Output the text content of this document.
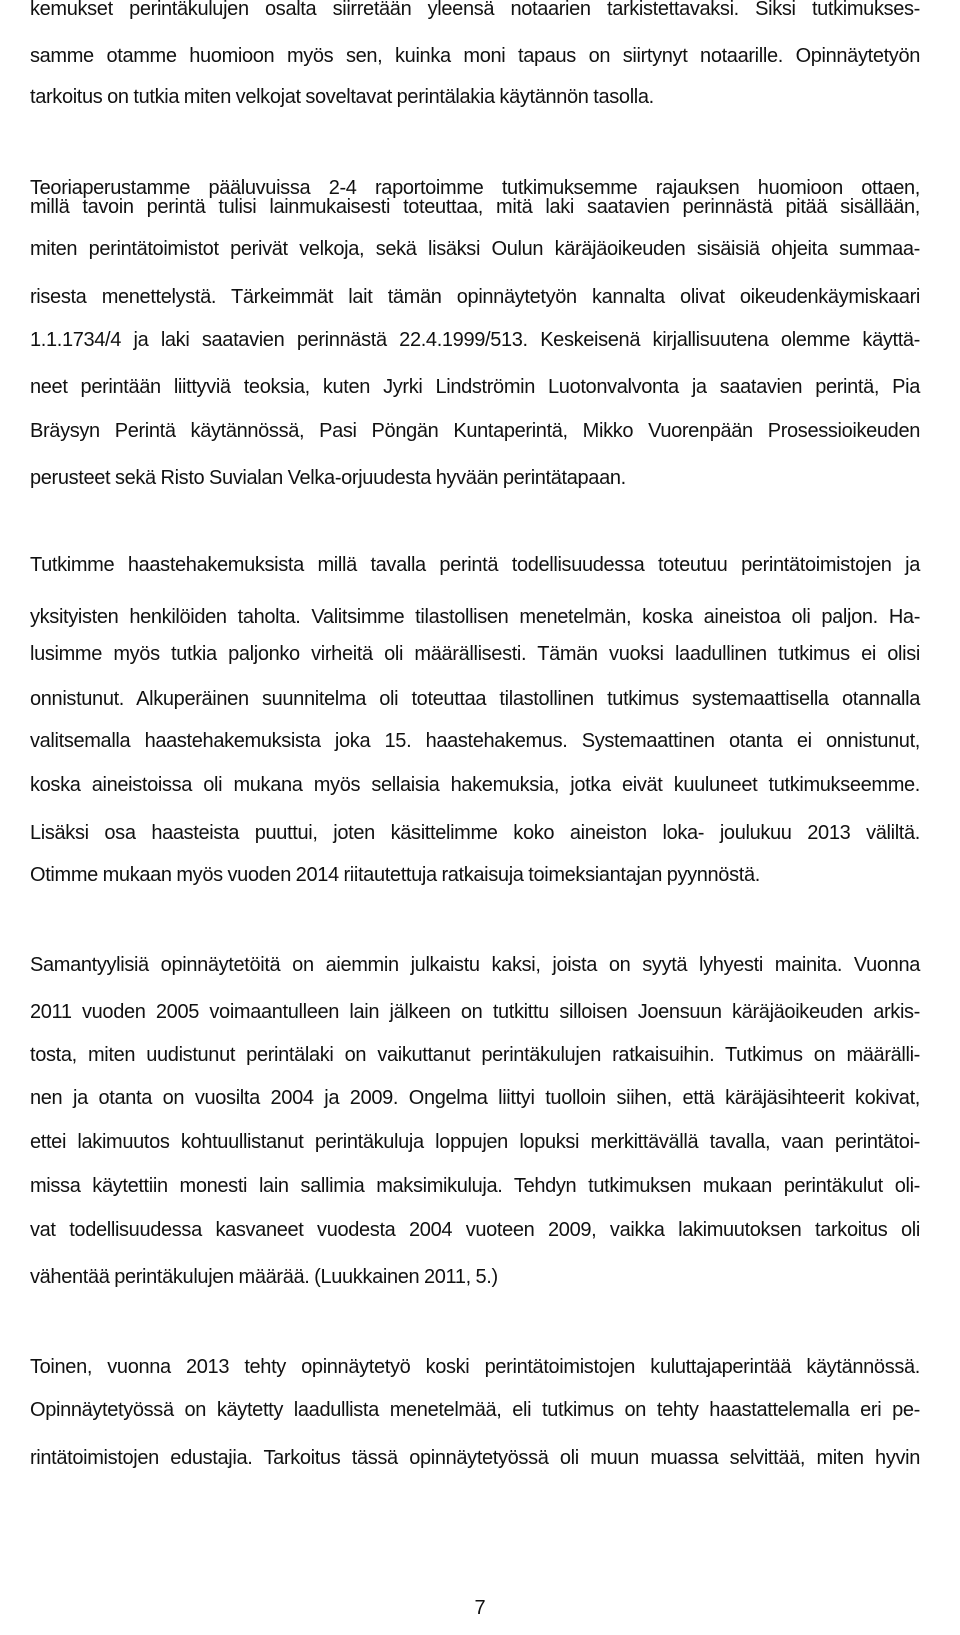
kemukset perintäkulujen osalta siirretään yleensä notaarien tarkistettavaksi. Siksi tutkimukses-
samme otamme huomioon myös sen, kuinka moni tapaus on siirtynyt notaarille. Opinnäytetyön
tarkoitus on tutkia miten velkojat soveltavat perintälakia käytännön tasolla.
Teoriaperustamme pääluvuissa 2-4 raportoimme tutkimuksemme rajauksen huomioon ottaen,
millä tavoin perintä tulisi lainmukaisesti toteuttaa, mitä laki saatavien perinnästä pitää sisällään,
miten perintätoimistot perivät velkoja, sekä lisäksi Oulun käräjäoikeuden sisäisiä ohjeita summaa-
risesta menettelystä. Tärkeimmät lait tämän opinnäytetyön kannalta olivat oikeudenkäymiskaari
1.1.1734/4 ja laki saatavien perinnästä 22.4.1999/513. Keskeisenä kirjallisuutena olemme käyttä-
neet perintään liittyviä teoksia, kuten Jyrki Lindströmin Luotonvalvonta ja saatavien perintä, Pia
Bräysyn Perintä käytännössä, Pasi Pöngän Kuntaperintä, Mikko Vuorenpään Prosessioikeuden
perusteet sekä Risto Suvialan Velka-orjuudesta hyvään perintätapaan.
Tutkimme haastehakemuksista millä tavalla perintä todellisuudessa toteutuu perintätoimistojen ja
yksityisten henkilöiden taholta. Valitsimme tilastollisen menetelmän, koska aineistoa oli paljon. Ha-
lusimme myös tutkia paljonko virheitä oli määrällisesti. Tämän vuoksi laadullinen tutkimus ei olisi
onnistunut. Alkuperäinen suunnitelma oli toteuttaa tilastollinen tutkimus systemaattisella otannalla
valitsemalla haastehakemuksista joka 15. haastehakemus. Systemaattinen otanta ei onnistunut,
koska aineistoissa oli mukana myös sellaisia hakemuksia, jotka eivät kuuluneet tutkimukseemme.
Lisäksi osa haasteista puuttui, joten käsittelimme koko aineiston loka- joulukuu 2013 väliltä.
Otimme mukaan myös vuoden 2014 riitautettuja ratkaisuja toimeksiantajan pyynnöstä.
Samantyylisiä opinnäytetöitä on aiemmin julkaistu kaksi, joista on syytä lyhyesti mainita. Vuonna
2011 vuoden 2005 voimaantulleen lain jälkeen on tutkittu silloisen Joensuun käräjäoikeuden arkis-
tosta, miten uudistunut perintälaki on vaikuttanut perintäkulujen ratkaisuihin. Tutkimus on määrälli-
nen ja otanta on vuosilta 2004 ja 2009. Ongelma liittyi tuolloin siihen, että käräjäsihteerit kokivat,
ettei lakimuutos kohtuullistanut perintäkuluja loppujen lopuksi merkittävällä tavalla, vaan perintätoi-
missa käytettiin monesti lain sallimia maksimikuluja. Tehdyn tutkimuksen mukaan perintäkulut oli-
vat todellisuudessa kasvaneet vuodesta 2004 vuoteen 2009, vaikka lakimuutoksen tarkoitus oli
vähentää perintäkulujen määrää. (Luukkainen 2011, 5.)
Toinen, vuonna 2013 tehty opinnäytetyö koski perintätoimistojen kuluttajaperintää käytännössä.
Opinnäytetyössä on käytetty laadullista menetelmää, eli tutkimus on tehty haastattelemalla eri pe-
rintätoimistojen edustajia. Tarkoitus tässä opinnäytetyössä oli muun muassa selvittää, miten hyvin
7
